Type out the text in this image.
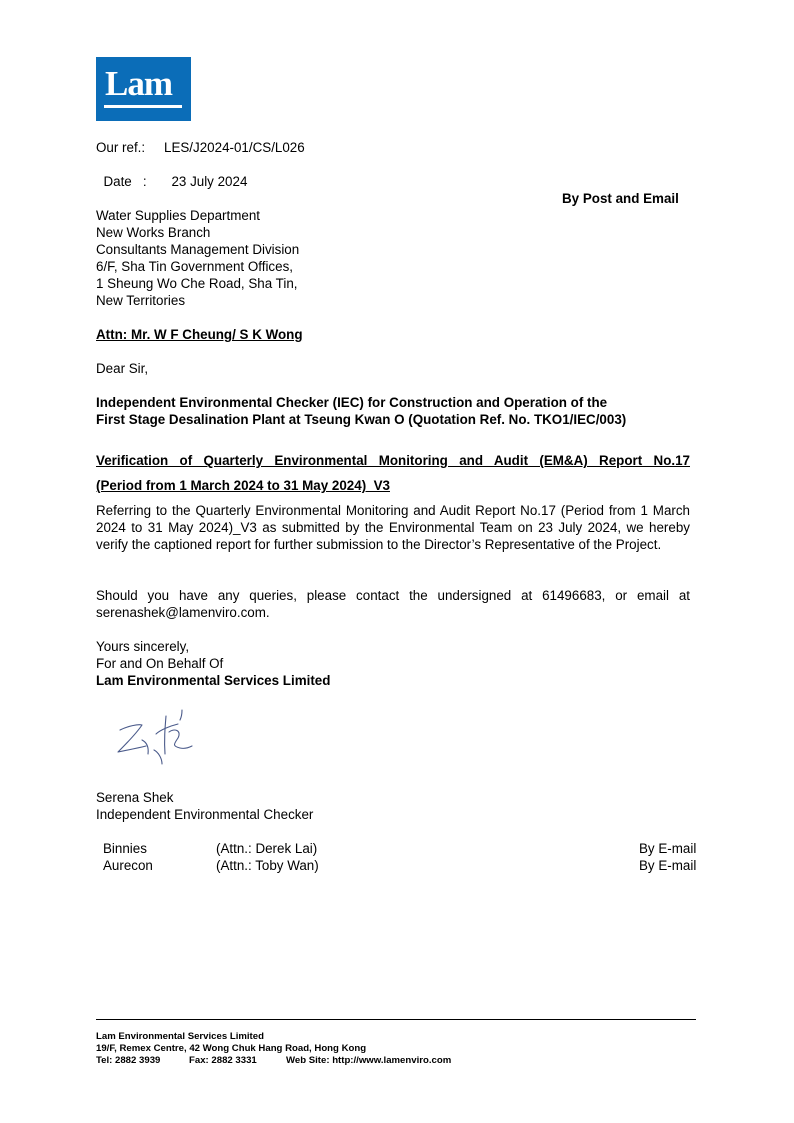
Lam
Our ref.: LES/J2024-01/CS/L026

Date   : 23 July 2024

By Post and Email
Water Supplies Department
New Works Branch
Consultants Management Division
6/F, Sha Tin Government Offices,
1 Sheung Wo Che Road, Sha Tin,
New Territories
Attn: Mr. W F Cheung/ S K Wong
Dear Sir,
Independent Environmental Checker (IEC) for Construction and Operation of the
First Stage Desalination Plant at Tseung Kwan O (Quotation Ref. No. TKO1/IEC/003)
Verification of Quarterly Environmental Monitoring and Audit (EM&A) Report No.17
(Period from 1 March 2024 to 31 May 2024)_V3
Referring to the Quarterly Environmental Monitoring and Audit Report No.17 (Period from 1 March 2024 to 31 May 2024)_V3 as submitted by the Environmental Team on 23 July 2024, we hereby verify the captioned report for further submission to the Director’s Representative of the Project.
Should you have any queries, please contact the undersigned at 61496683, or email at serenashek@lamenviro.com.
Yours sincerely,
For and On Behalf Of
Lam Environmental Services Limited
Serena Shek
Independent Environmental Checker
Binnies	(Attn.: Derek Lai)	By E-mail
Aurecon	(Attn.: Toby Wan)	By E-mail
Lam Environmental Services Limited
19/F, Remex Centre, 42 Wong Chuk Hang Road, Hong Kong
Tel: 2882 3939	Fax: 2882 3331	Web Site: http://www.lamenviro.com
